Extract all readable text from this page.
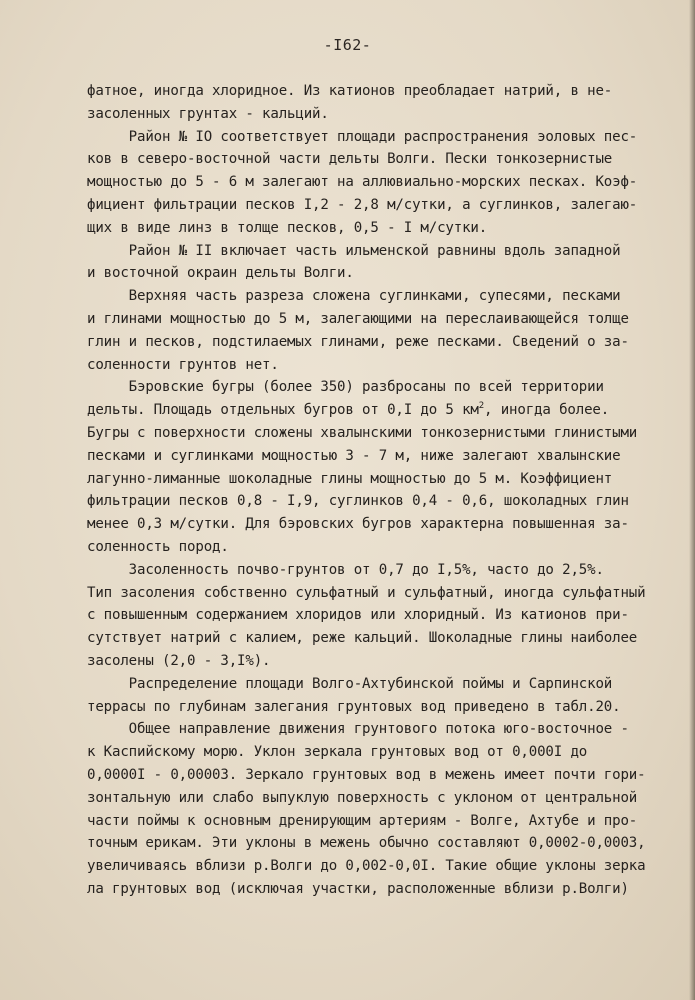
-I62-
фатное, иногда хлоридное. Из катионов преобладает натрий, в не-
засоленных грунтах - кальций.
Район № IO соответствует площади распространения эоловых пес-
ков в северо-восточной части дельты Волги. Пески тонкозернистые
мощностью до 5 - 6 м залегают на аллювиально-морских песках. Коэф-
фициент фильтрации песков I,2 - 2,8 м/сутки, а суглинков, залегаю-
щих в виде линз в толще песков, 0,5 - I м/сутки.
Район № II включает часть ильменской равнины вдоль западной
и восточной окраин дельты Волги.
Верхняя часть разреза сложена суглинками, супесями, песками
и глинами мощностью до 5 м, залегающими на переслаивающейся толще
глин и песков, подстилаемых глинами, реже песками. Сведений о за-
соленности грунтов нет.
Бэровские бугры (более 350) разбросаны по всей территории
дельты. Площадь отдельных бугров от 0,I до 5 $км^2$, иногда более.
Бугры с поверхности сложены хвалынскими тонкозернистыми глинистыми
песками и суглинками мощностью 3 - 7 м, ниже залегают хвалынские
лагунно-лиманные шоколадные глины мощностью до 5 м. Коэффициент
фильтрации песков 0,8 - I,9, суглинков 0,4 - 0,6, шоколадных глин
менее 0,3 м/сутки. Для бэровских бугров характерна повышенная за-
соленность пород.
Засоленность почво-грунтов от 0,7 до I,5%, часто до 2,5%.
Тип засоления собственно сульфатный и сульфатный, иногда сульфатный
с повышенным содержанием хлоридов или хлоридный. Из катионов при-
сутствует натрий с калием, реже кальций. Шоколадные глины наиболее
засолены (2,0 - 3,I%).
Распределение площади Волго-Ахтубинской поймы и Сарпинской
террасы по глубинам залегания грунтовых вод приведено в табл.20.
Общее направление движения грунтового потока юго-восточное -
к Каспийскому морю. Уклон зеркала грунтовых вод от 0,000I до
0,0000I - 0,00003. Зеркало грунтовых вод в межень имеет почти гори-
зонтальную или слабо выпуклую поверхность с уклоном от центральной
части поймы к основным дренирующим артериям - Волге, Ахтубе и про-
точным ерикам. Эти уклоны в межень обычно составляют 0,0002-0,0003,
увеличиваясь вблизи р.Волги до 0,002-0,0I. Такие общие уклоны зерка
ла грунтовых вод (исключая участки, расположенные вблизи р.Волги)
